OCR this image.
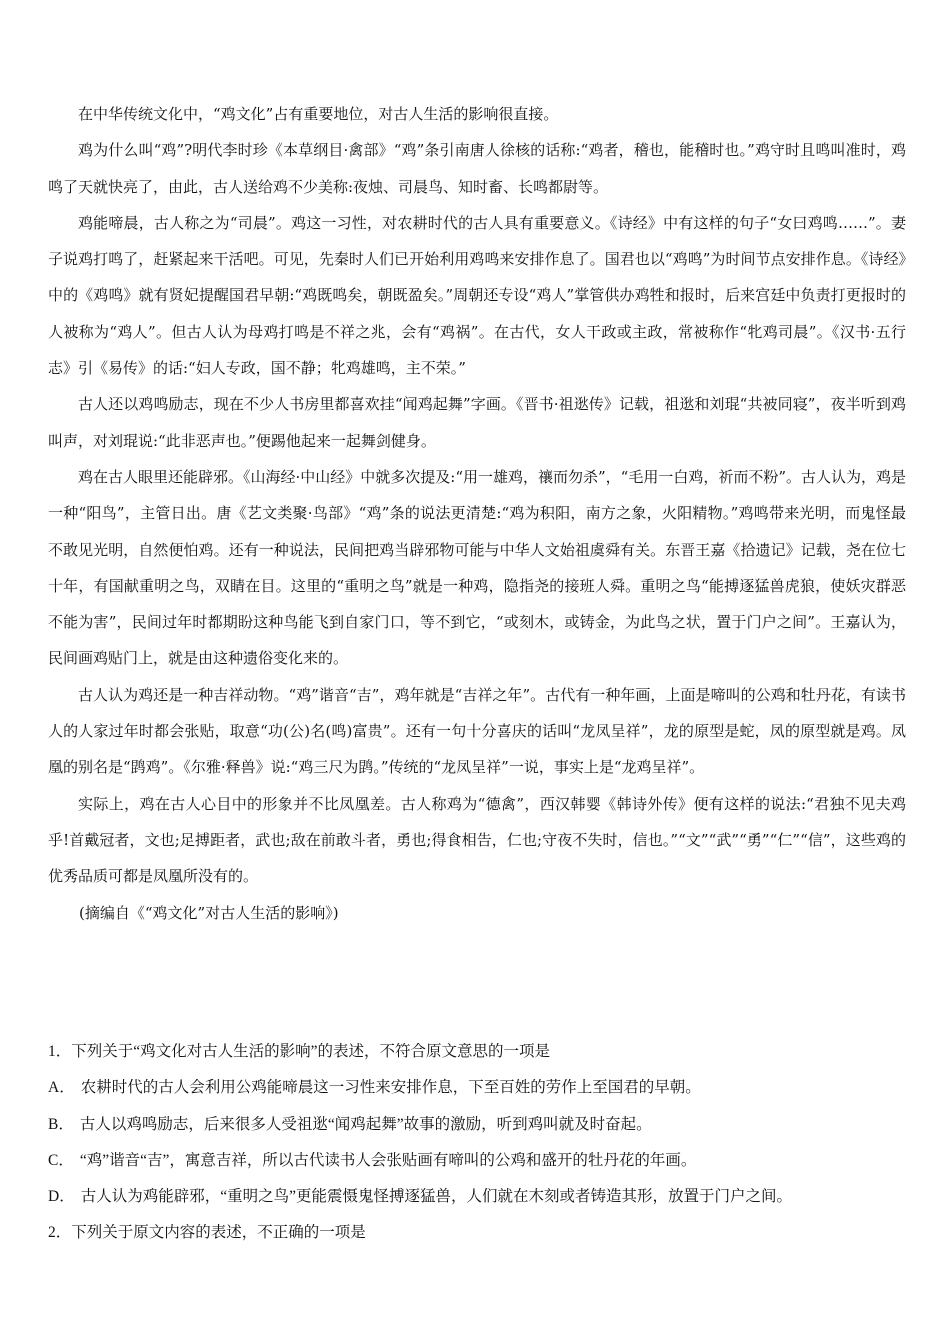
在中华传统文化中，“鸡文化”占有重要地位，对古人生活的影响很直接。

鸡为什么叫“鸡”?明代李时珍《本草纲目·禽部》“鸡”条引南唐人徐核的话称:“鸡者，稽也，能稽时也。”鸡守时且鸣叫准时，鸡鸣了天就快亮了，由此，古人送给鸡不少美称:夜烛、司晨鸟、知时畜、长鸣都尉等。

鸡能啼晨，古人称之为“司晨”。鸡这一习性，对农耕时代的古人具有重要意义。《诗经》中有这样的句子“女曰鸡鸣……”。妻子说鸡打鸣了，赶紧起来干活吧。可见，先秦时人们已开始利用鸡鸣来安排作息了。国君也以“鸡鸣”为时间节点安排作息。《诗经》中的《鸡鸣》就有贤妃提醒国君早朝:“鸡既鸣矣，朝既盈矣。”周朝还专设“鸡人”掌管供办鸡牲和报时，后来宫廷中负责打更报时的人被称为“鸡人”。但古人认为母鸡打鸣是不祥之兆，会有“鸡祸”。在古代，女人干政或主政，常被称作“牝鸡司晨”。《汉书·五行志》引《易传》的话:“妇人专政，国不静；牝鸡雄鸣，主不荣。”

古人还以鸡鸣励志，现在不少人书房里都喜欢挂“闻鸡起舞”字画。《晋书·祖逖传》记载，祖逖和刘琨“共被同寝”，夜半听到鸡叫声，对刘琨说:“此非恶声也。”便踢他起来一起舞剑健身。

鸡在古人眼里还能辟邪。《山海经·中山经》中就多次提及:“用一雄鸡，禳而勿杀”，“毛用一白鸡，祈而不粉”。古人认为，鸡是一种“阳鸟”，主管日出。唐《艺文类聚·鸟部》“鸡”条的说法更清楚:“鸡为积阳，南方之象，火阳精物。”鸡鸣带来光明，而鬼怪最不敢见光明，自然便怕鸡。还有一种说法，民间把鸡当辟邪物可能与中华人文始祖虞舜有关。东晋王嘉《拾遗记》记载，尧在位七十年，有国献重明之鸟，双睛在目。这里的“重明之鸟”就是一种鸡，隐指尧的接班人舜。重明之鸟“能搏逐猛兽虎狼，使妖灾群恶不能为害”，民间过年时都期盼这种鸟能飞到自家门口，等不到它，“或刻木，或铸金，为此鸟之状，置于门户之间”。王嘉认为，民间画鸡贴门上，就是由这种遗俗变化来的。

古人认为鸡还是一种吉祥动物。“鸡”谐音“吉”，鸡年就是“吉祥之年”。古代有一种年画，上面是啼叫的公鸡和牡丹花，有读书人的人家过年时都会张贴，取意“功(公)名(鸣)富贵”。还有一句十分喜庆的话叫“龙凤呈祥”，龙的原型是蛇，凤的原型就是鸡。凤凰的别名是“鹍鸡”。《尔雅·释兽》说:“鸡三尺为鹍。”传统的“龙凤呈祥”一说，事实上是“龙鸡呈祥”。

实际上，鸡在古人心目中的形象并不比凤凰差。古人称鸡为“德禽”，西汉韩婴《韩诗外传》便有这样的说法:“君独不见夫鸡乎!首戴冠者，文也;足搏距者，武也;敌在前敢斗者，勇也;得食相告，仁也;守夜不失时，信也。”“文”“武”“勇”“仁”“信”，这些鸡的优秀品质可都是凤凰所没有的。

(摘编自《“鸡文化”对古人生活的影响》)

1．下列关于“鸡文化对古人生活的影响”的表述，不符合原文意思的一项是
A． 农耕时代的古人会利用公鸡能啼晨这一习性来安排作息，下至百姓的劳作上至国君的早朝。
B． 古人以鸡鸣励志，后来很多人受祖逖“闻鸡起舞”故事的激励，听到鸡叫就及时奋起。
C． “鸡”谐音“吉”，寓意吉祥，所以古代读书人会张贴画有啼叫的公鸡和盛开的牡丹花的年画。
D． 古人认为鸡能辟邪，“重明之鸟”更能震慑鬼怪搏逐猛兽，人们就在木刻或者铸造其形，放置于门户之间。
2．下列关于原文内容的表述，不正确的一项是
